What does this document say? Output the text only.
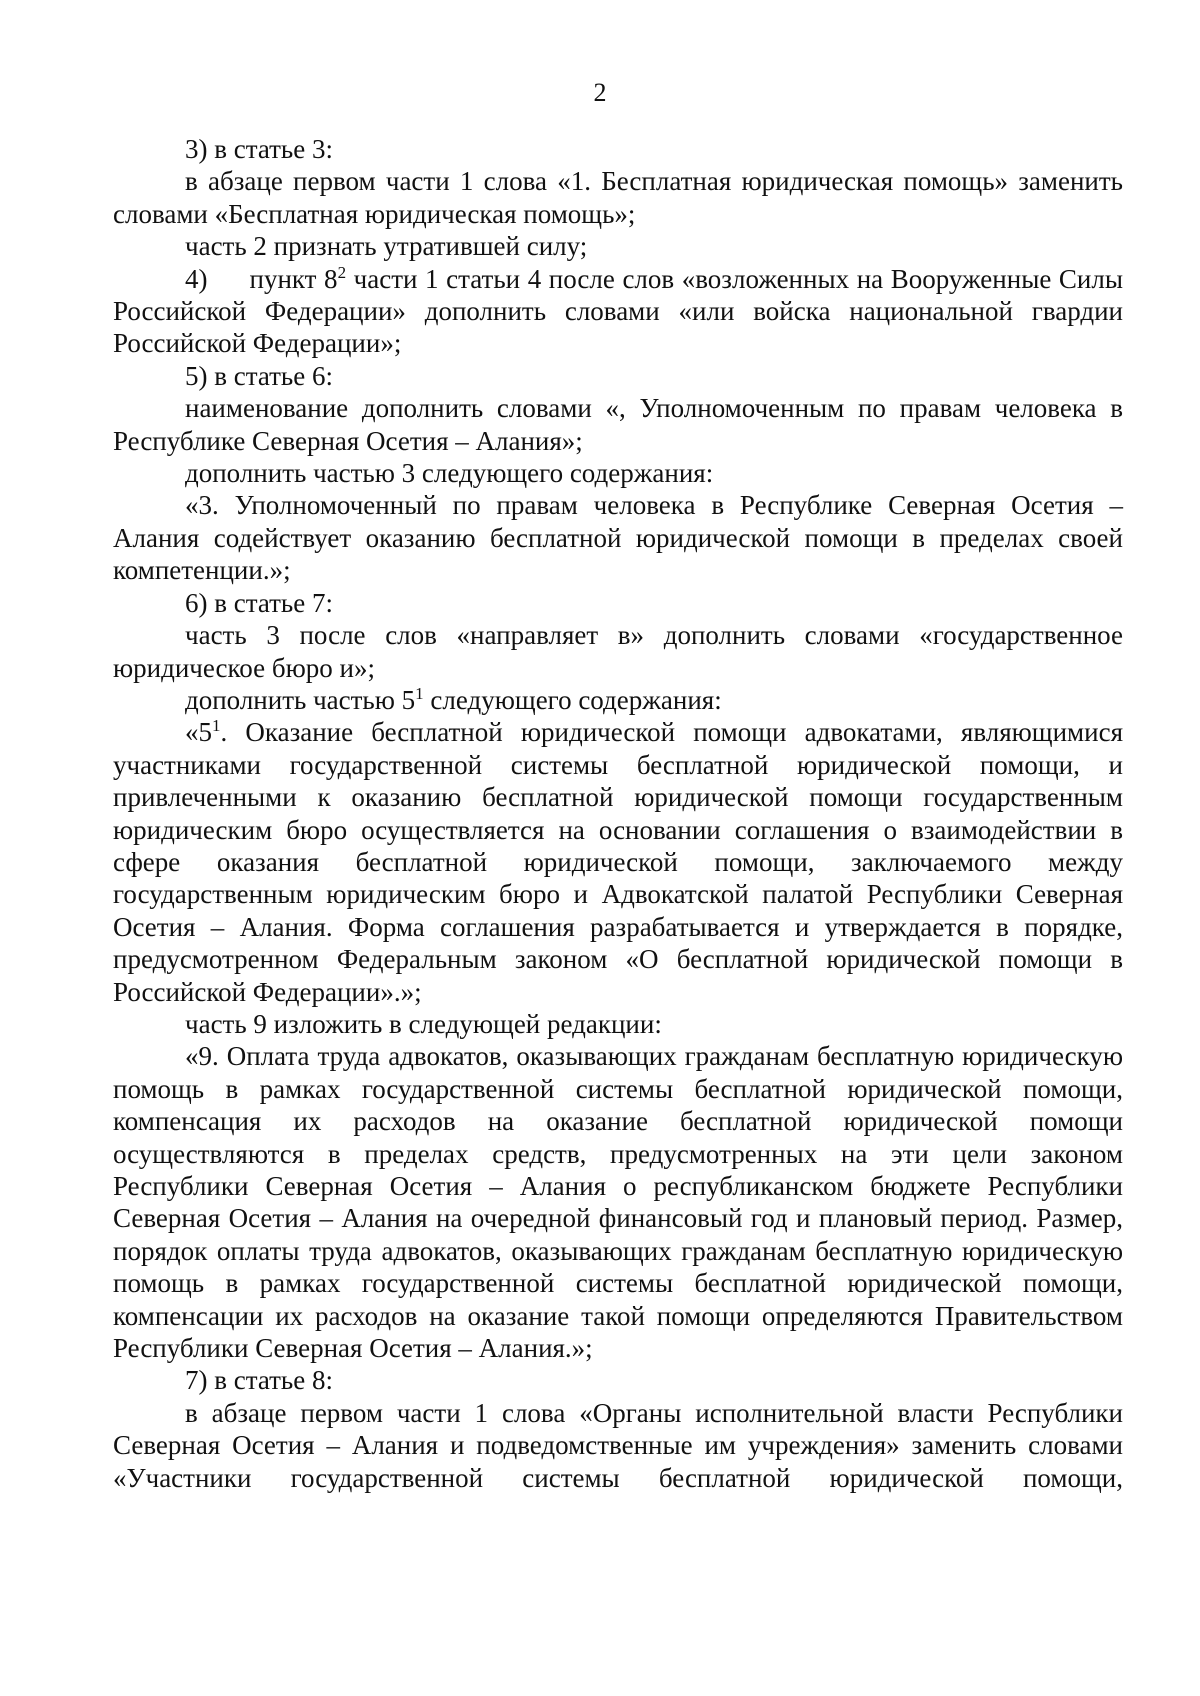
2

3) в статье 3:

в абзаце первом части 1 слова «1. Бесплатная юридическая помощь» заменить словами «Бесплатная юридическая помощь»;

часть 2 признать утратившей силу;

4) пункт $8^2$ части 1 статьи 4 после слов «возложенных на Вооруженные Силы Российской Федерации» дополнить словами «или войска национальной гвардии Российской Федерации»;

5) в статье 6:

наименование дополнить словами «, Уполномоченным по правам человека в Республике Северная Осетия – Алания»;

дополнить частью 3 следующего содержания:

«3. Уполномоченный по правам человека в Республике Северная Осетия – Алания содействует оказанию бесплатной юридической помощи в пределах своей компетенции.»;

6) в статье 7:

часть 3 после слов «направляет в» дополнить словами «государственное юридическое бюро и»;

дополнить частью $5^1$ следующего содержания:

«$5^1$. Оказание бесплатной юридической помощи адвокатами, являющимися участниками государственной системы бесплатной юридической помощи, и привлеченными к оказанию бесплатной юридической помощи государственным юридическим бюро осуществляется на основании соглашения о взаимодействии в сфере оказания бесплатной юридической помощи, заключаемого между государственным юридическим бюро и Адвокатской палатой Республики Северная Осетия – Алания. Форма соглашения разрабатывается и утверждается в порядке, предусмотренном Федеральным законом «О бесплатной юридической помощи в Российской Федерации».»;

часть 9 изложить в следующей редакции:

«9. Оплата труда адвокатов, оказывающих гражданам бесплатную юридическую помощь в рамках государственной системы бесплатной юридической помощи, компенсация их расходов на оказание бесплатной юридической помощи осуществляются в пределах средств, предусмотренных на эти цели законом Республики Северная Осетия – Алания о республиканском бюджете Республики Северная Осетия – Алания на очередной финансовый год и плановый период. Размер, порядок оплаты труда адвокатов, оказывающих гражданам бесплатную юридическую помощь в рамках государственной системы бесплатной юридической помощи, компенсации их расходов на оказание такой помощи определяются Правительством Республики Северная Осетия – Алания.»;

7) в статье 8:

в абзаце первом части 1 слова «Органы исполнительной власти Республики Северная Осетия – Алания и подведомственные им учреждения» заменить словами «Участники государственной системы бесплатной юридической помощи,
